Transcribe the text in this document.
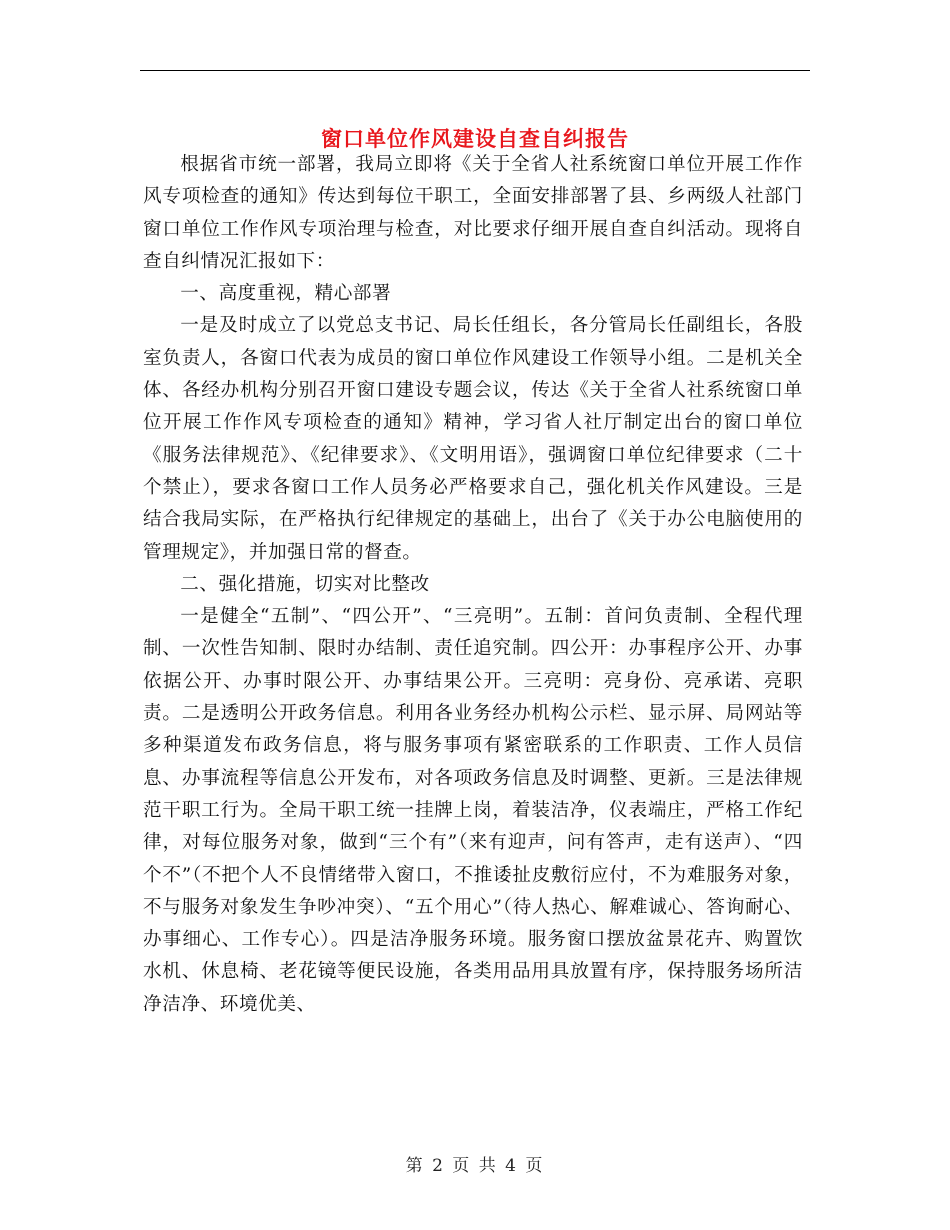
窗口单位作风建设自查自纠报告

根据省市统一部署，我局立即将《关于全省人社系统窗口单位开展工作作风专项检查的通知》传达到每位干职工，全面安排部署了县、乡两级人社部门窗口单位工作作风专项治理与检查，对比要求仔细开展自查自纠活动。现将自查自纠情况汇报如下：

一、高度重视，精心部署

一是及时成立了以党总支书记、局长任组长，各分管局长任副组长，各股室负责人，各窗口代表为成员的窗口单位作风建设工作领导小组。二是机关全体、各经办机构分别召开窗口建设专题会议，传达《关于全省人社系统窗口单位开展工作作风专项检查的通知》精神，学习省人社厅制定出台的窗口单位《服务法律规范》、《纪律要求》、《文明用语》，强调窗口单位纪律要求（二十个禁止），要求各窗口工作人员务必严格要求自己，强化机关作风建设。三是结合我局实际，在严格执行纪律规定的基础上，出台了《关于办公电脑使用的管理规定》，并加强日常的督查。

二、强化措施，切实对比整改

一是健全“五制”、“四公开”、“三亮明”。五制：首问负责制、全程代理制、一次性告知制、限时办结制、责任追究制。四公开：办事程序公开、办事依据公开、办事时限公开、办事结果公开。三亮明：亮身份、亮承诺、亮职责。二是透明公开政务信息。利用各业务经办机构公示栏、显示屏、局网站等多种渠道发布政务信息，将与服务事项有紧密联系的工作职责、工作人员信息、办事流程等信息公开发布，对各项政务信息及时调整、更新。三是法律规范干职工行为。全局干职工统一挂牌上岗，着装洁净，仪表端庄，严格工作纪律，对每位服务对象，做到“三个有”（来有迎声，问有答声，走有送声）、“四个不”（不把个人不良情绪带入窗口，不推诿扯皮敷衍应付，不为难服务对象，不与服务对象发生争吵冲突）、“五个用心”（待人热心、解难诚心、答询耐心、办事细心、工作专心）。四是洁净服务环境。服务窗口摆放盆景花卉、购置饮水机、休息椅、老花镜等便民设施，各类用品用具放置有序，保持服务场所洁净洁净、环境优美、

第 2 页 共 4 页
